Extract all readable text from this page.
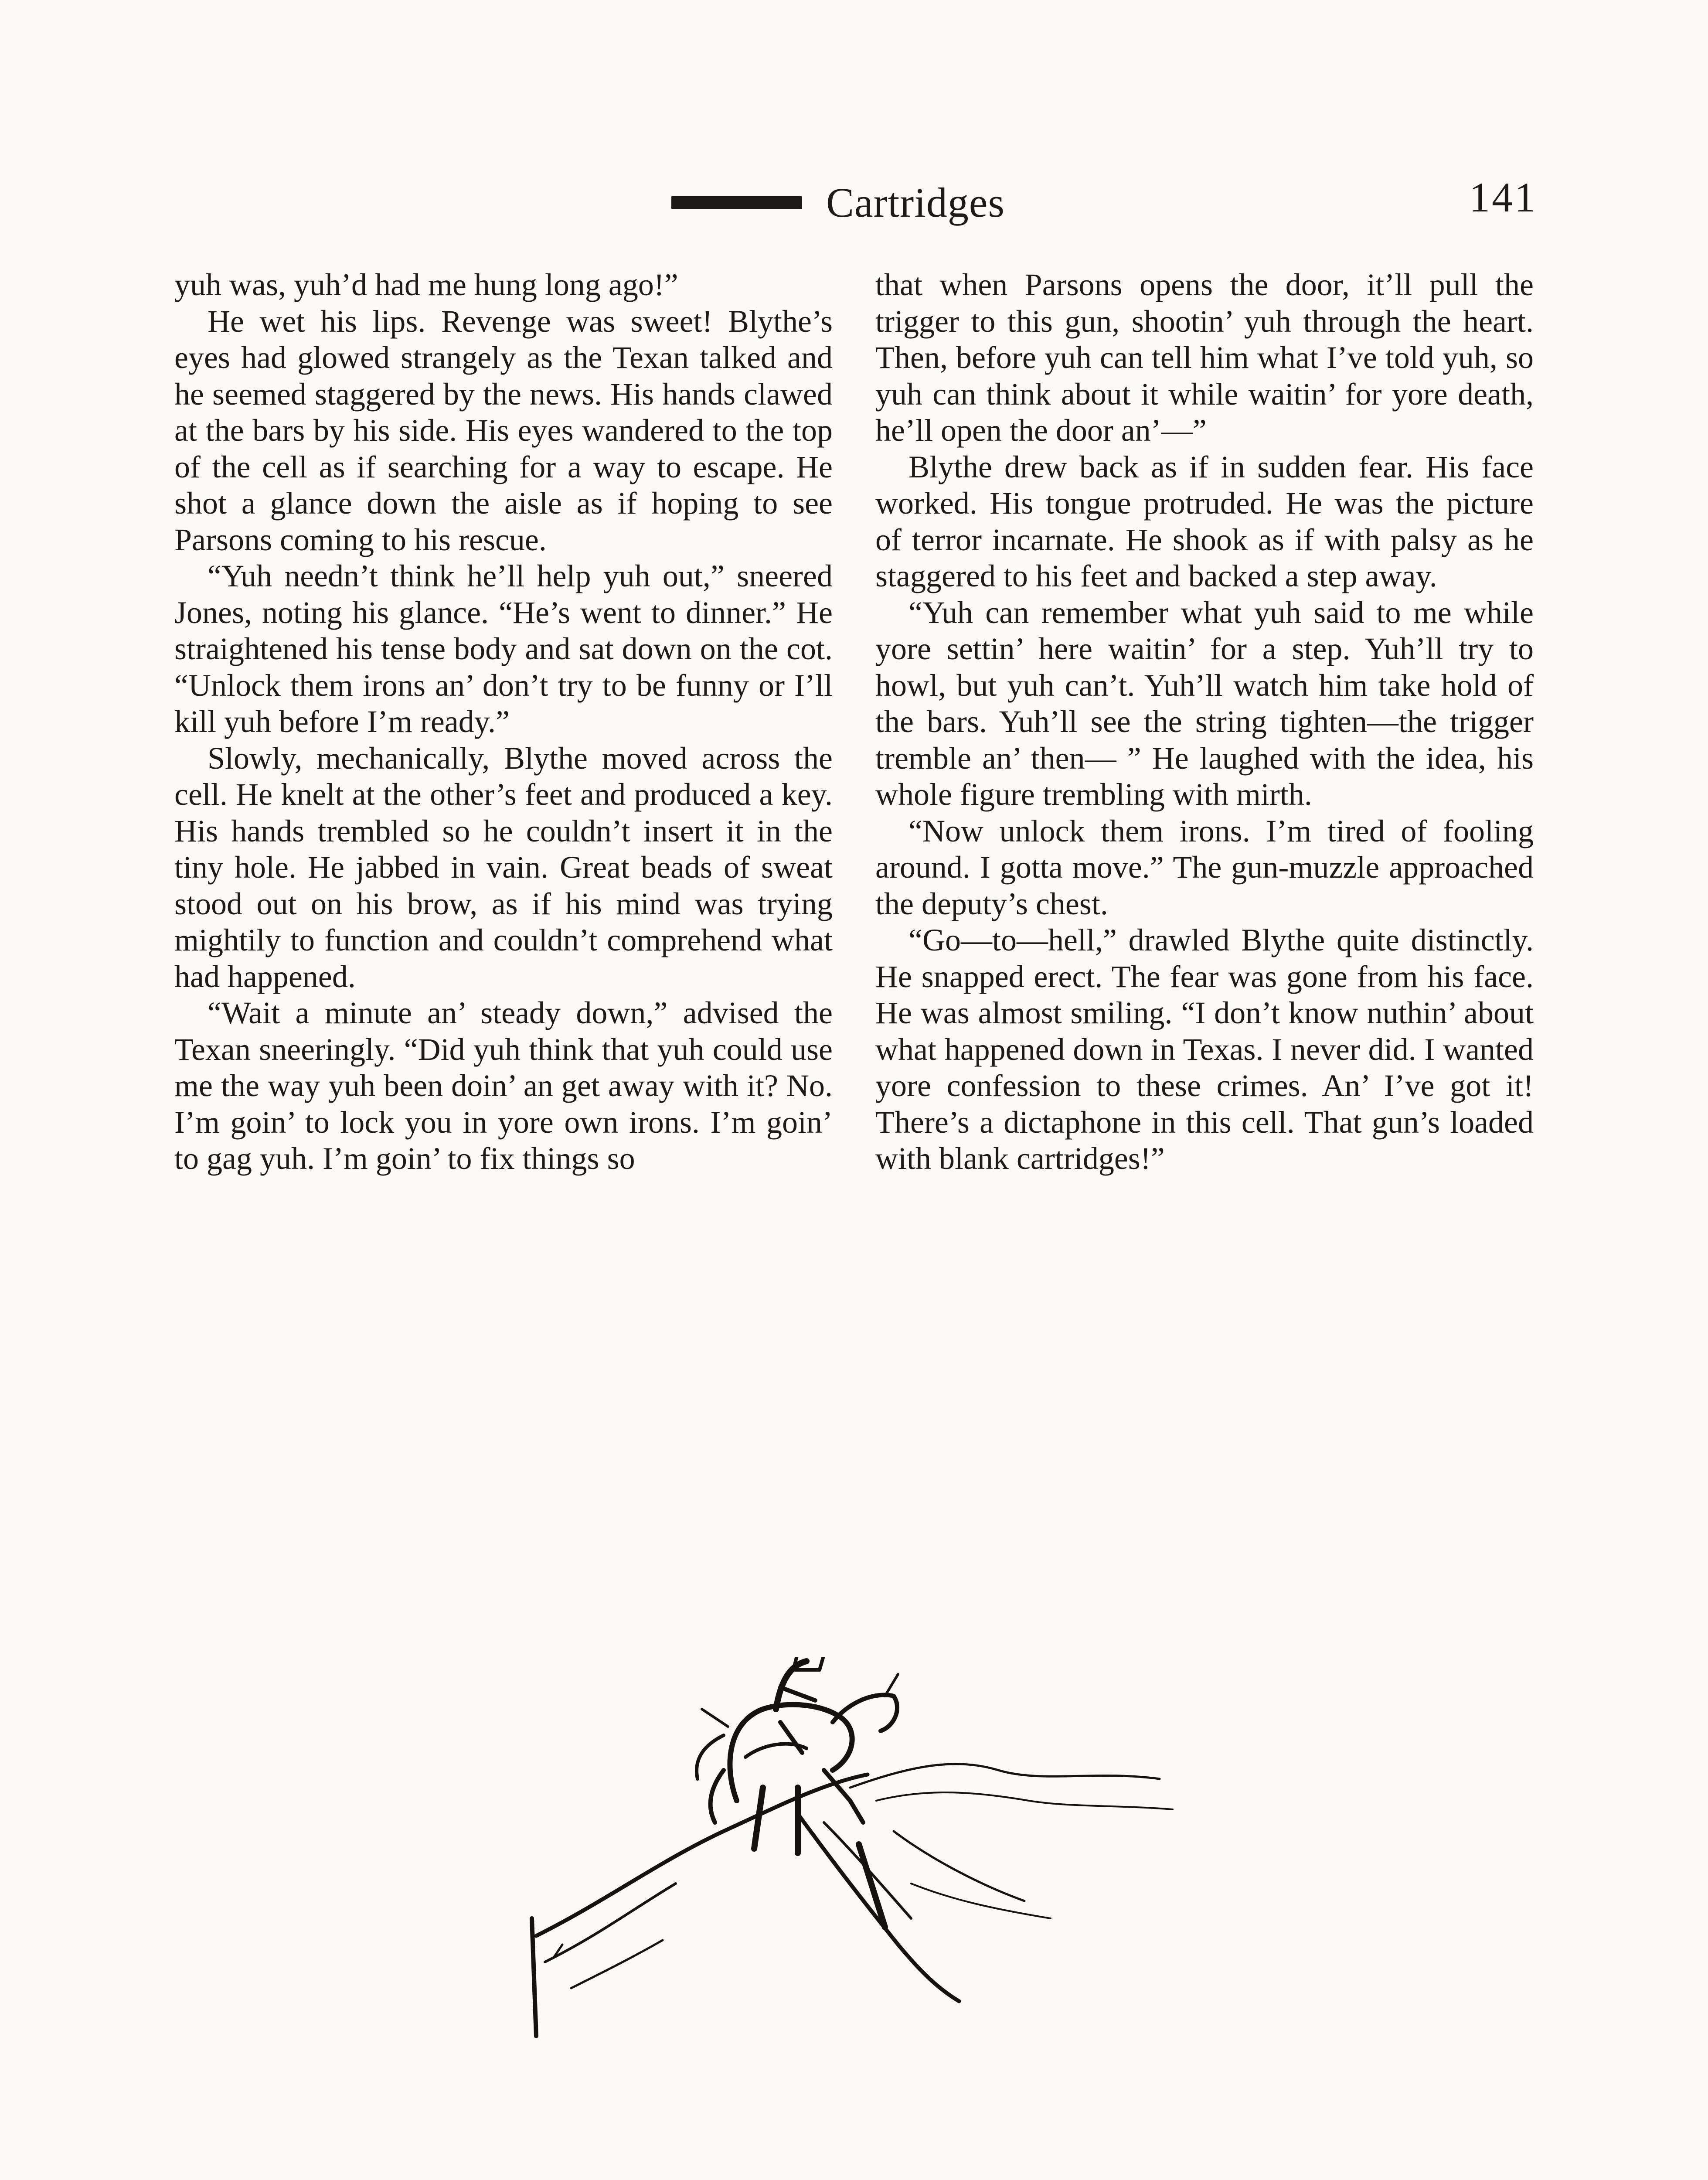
Cartridges	141

yuh was, yuh’d had me hung long ago!”

He wet his lips. Revenge was sweet! Blythe’s eyes had glowed strangely as the Texan talked and he seemed staggered by the news. His hands clawed at the bars by his side. His eyes wandered to the top of the cell as if searching for a way to escape. He shot a glance down the aisle as if hoping to see Parsons coming to his rescue.

“Yuh needn’t think he’ll help yuh out,” sneered Jones, noting his glance. “He’s went to dinner.” He straightened his tense body and sat down on the cot. “Unlock them irons an’ don’t try to be funny or I’ll kill yuh before I’m ready.”

Slowly, mechanically, Blythe moved across the cell. He knelt at the other’s feet and produced a key. His hands trembled so he couldn’t insert it in the tiny hole. He jabbed in vain. Great beads of sweat stood out on his brow, as if his mind was trying mightily to function and couldn’t comprehend what had happened.

“Wait a minute an’ steady down,” advised the Texan sneeringly. “Did yuh think that yuh could use me the way yuh been doin’ an get away with it? No. I’m goin’ to lock you in yore own irons. I’m goin’ to gag yuh. I’m goin’ to fix things so

that when Parsons opens the door, it’ll pull the trigger to this gun, shootin’ yuh through the heart. Then, before yuh can tell him what I’ve told yuh, so yuh can think about it while waitin’ for yore death, he’ll open the door an’—”

Blythe drew back as if in sudden fear. His face worked. His tongue protruded. He was the picture of terror incarnate. He shook as if with palsy as he staggered to his feet and backed a step away.

“Yuh can remember what yuh said to me while yore settin’ here waitin’ for a step. Yuh’ll try to howl, but yuh can’t. Yuh’ll watch him take hold of the bars. Yuh’ll see the string tighten—the trigger tremble an’ then— ” He laughed with the idea, his whole figure trembling with mirth.

“Now unlock them irons. I’m tired of fooling around. I gotta move.” The gun-muzzle approached the deputy’s chest.

“Go—to—hell,” drawled Blythe quite distinctly. He snapped erect. The fear was gone from his face. He was almost smiling. “I don’t know nuthin’ about what happened down in Texas. I never did. I wanted yore confession to these crimes. An’ I’ve got it! There’s a dictaphone in this cell. That gun’s loaded with blank cartridges!”
